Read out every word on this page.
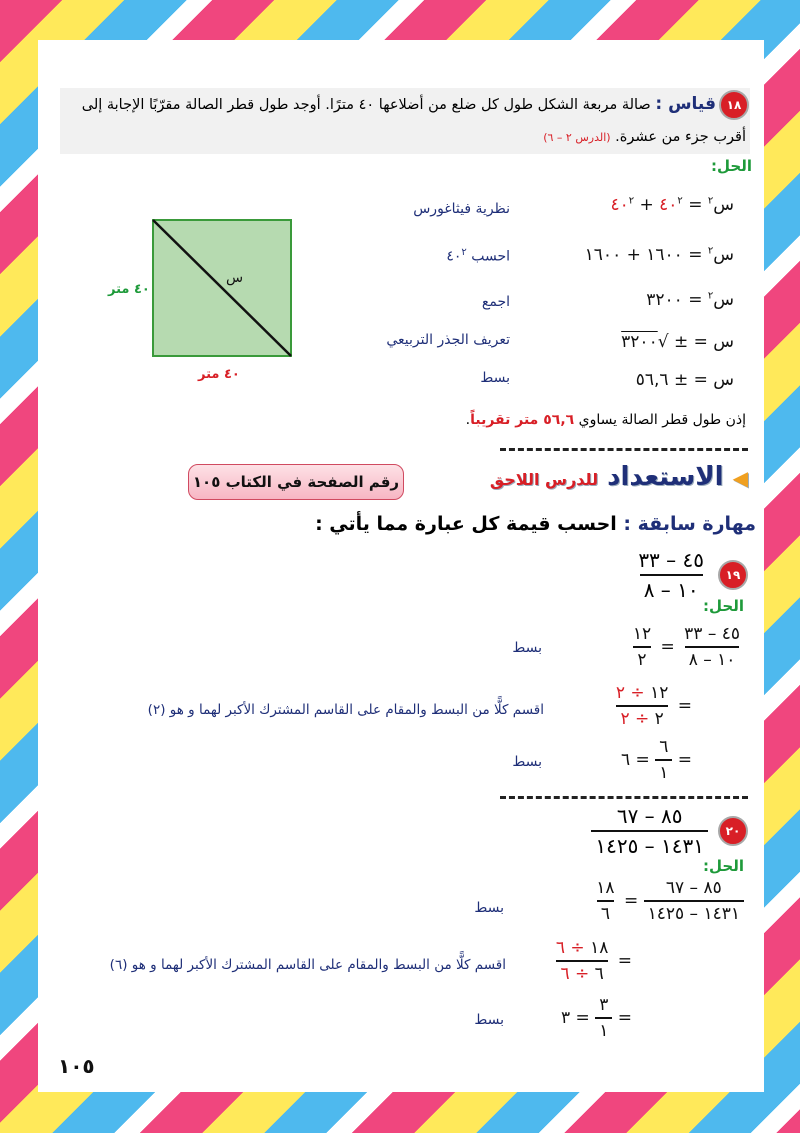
١٨
قياس : صالة مربعة الشكل طول كل ضلع من أضلاعها ٤٠ مترًا. أوجد طول قطر الصالة مقرّبًا الإجابة إلى
أقرب جزء من عشرة. (الدرس ٢ – ٦)
الحل:
س$^٢$ = $٤٠^٢$ + $٤٠^٢$
نظرية فيثاغورس
س$^٢$ = ١٦٠٠ + ١٦٠٠
احسب $٤٠^٢$
س$^٢$ = ٣٢٠٠
اجمع
س = ± √٣٢٠٠
تعريف الجذر التربيعي
س = ± ٥٦,٦
بسط
س
٤٠ متر
٤٠ متر
إذن طول قطر الصالة يساوي ٥٦,٦ متر تقريباً.
رقم الصفحة في الكتاب ١٠٥	◀ الاستعداد للدرس اللاحق
مهارة سابقة : احسب قيمة كل عبارة مما يأتي :
١٩
$\frac{٤٥ - ٣٣}{١٠ - ٨}$
الحل:
$\frac{٤٥ - ٣٣}{١٠ - ٨}$
=
$\frac{١٢}{٢}$
بسط
=
$\frac{١٢ \div ٢}{٢ \div ٢}$
اقسم كلًّا من البسط والمقام على القاسم المشترك الأكبر لهما و هو (٢)
=
$\frac{٦}{١}$
= ٦
بسط
٢٠
$\frac{٨٥ - ٦٧}{١٤٣١ - ١٤٢٥}$
الحل:
$\frac{٨٥ - ٦٧}{١٤٣١ - ١٤٢٥}$
=
$\frac{١٨}{٦}$
بسط
=
$\frac{١٨ \div ٦}{٦ \div ٦}$
اقسم كلًّا من البسط والمقام على القاسم المشترك الأكبر لهما و هو (٦)
=
$\frac{٣}{١}$
= ٣
بسط
١٠٥
